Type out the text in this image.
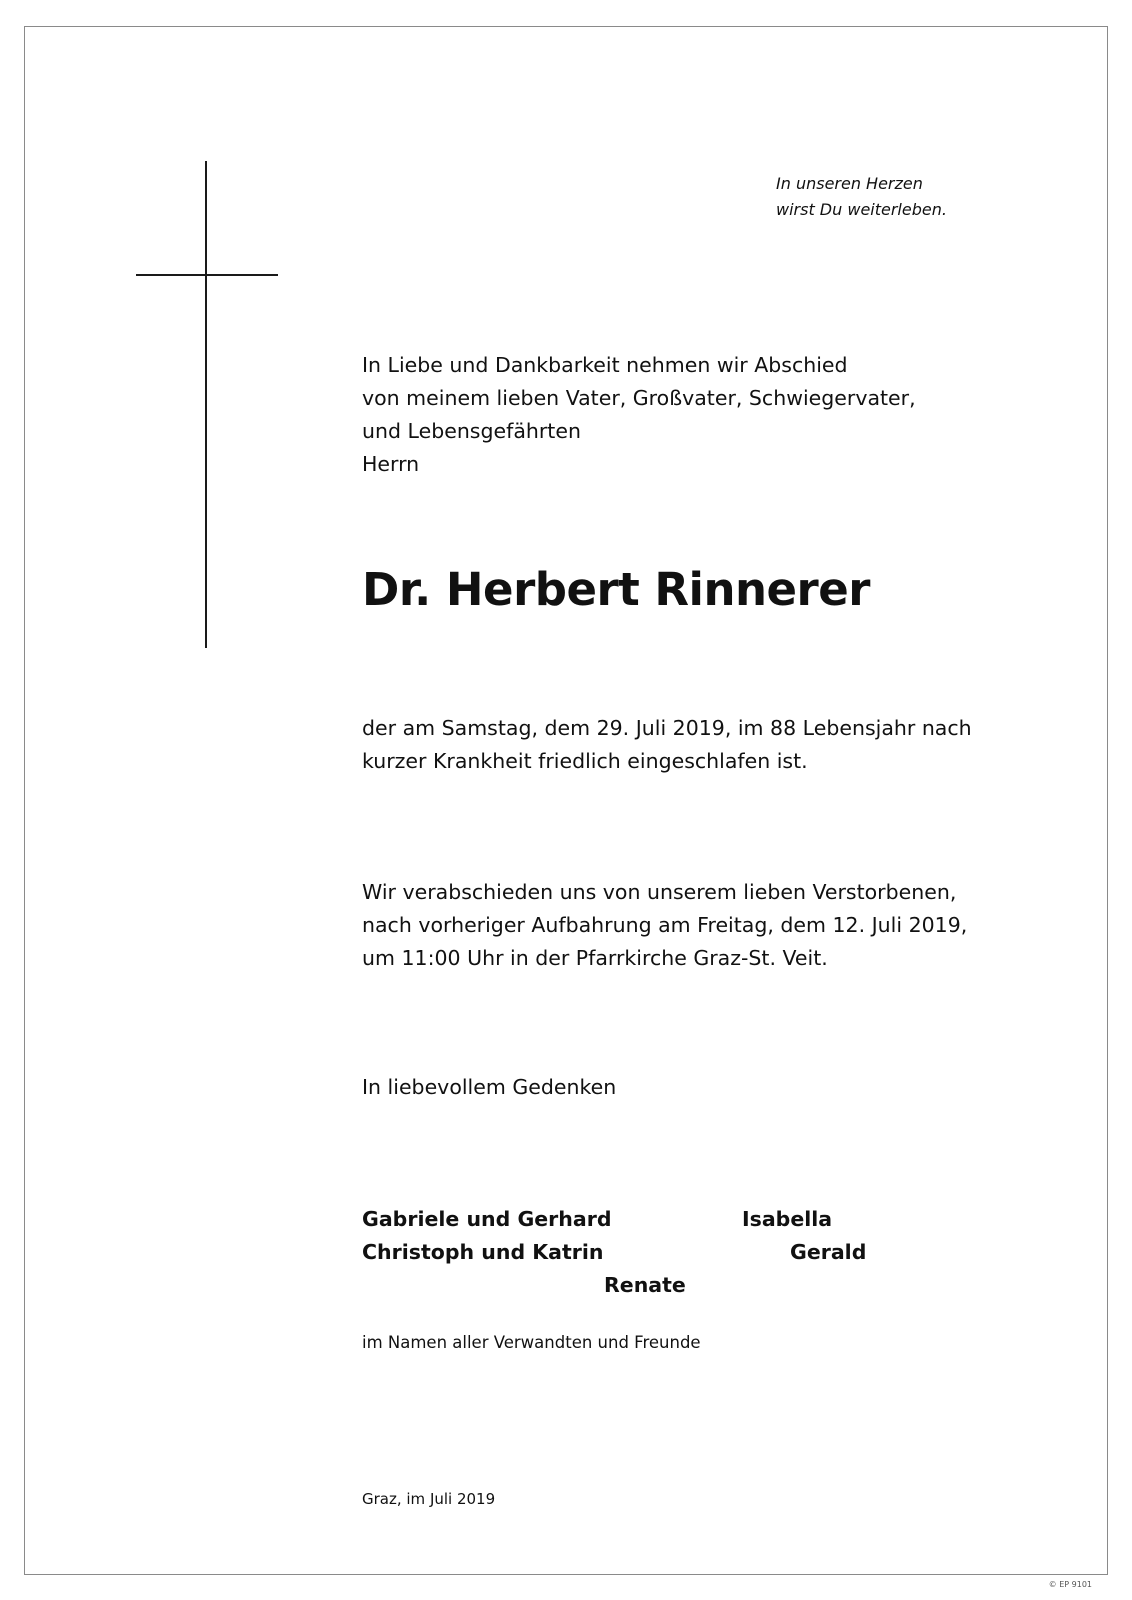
In unseren Herzen
wirst Du weiterleben.
In Liebe und Dankbarkeit nehmen wir Abschied
von meinem lieben Vater, Großvater, Schwiegervater,
und Lebensgefährten
Herrn
Dr. Herbert Rinnerer
der am Samstag, dem 29. Juli 2019, im 88 Lebensjahr nach
kurzer Krankheit friedlich eingeschlafen ist.
Wir verabschieden uns von unserem lieben Verstorbenen,
nach vorheriger Aufbahrung am Freitag, dem 12. Juli 2019,
um 11:00 Uhr in der Pfarrkirche Graz-St. Veit.
In liebevollem Gedenken
Gabriele und Gerhard
Christoph und Katrin
Renate
Isabella
Gerald
im Namen aller Verwandten und Freunde
Graz, im Juli 2019
© EP 9101
